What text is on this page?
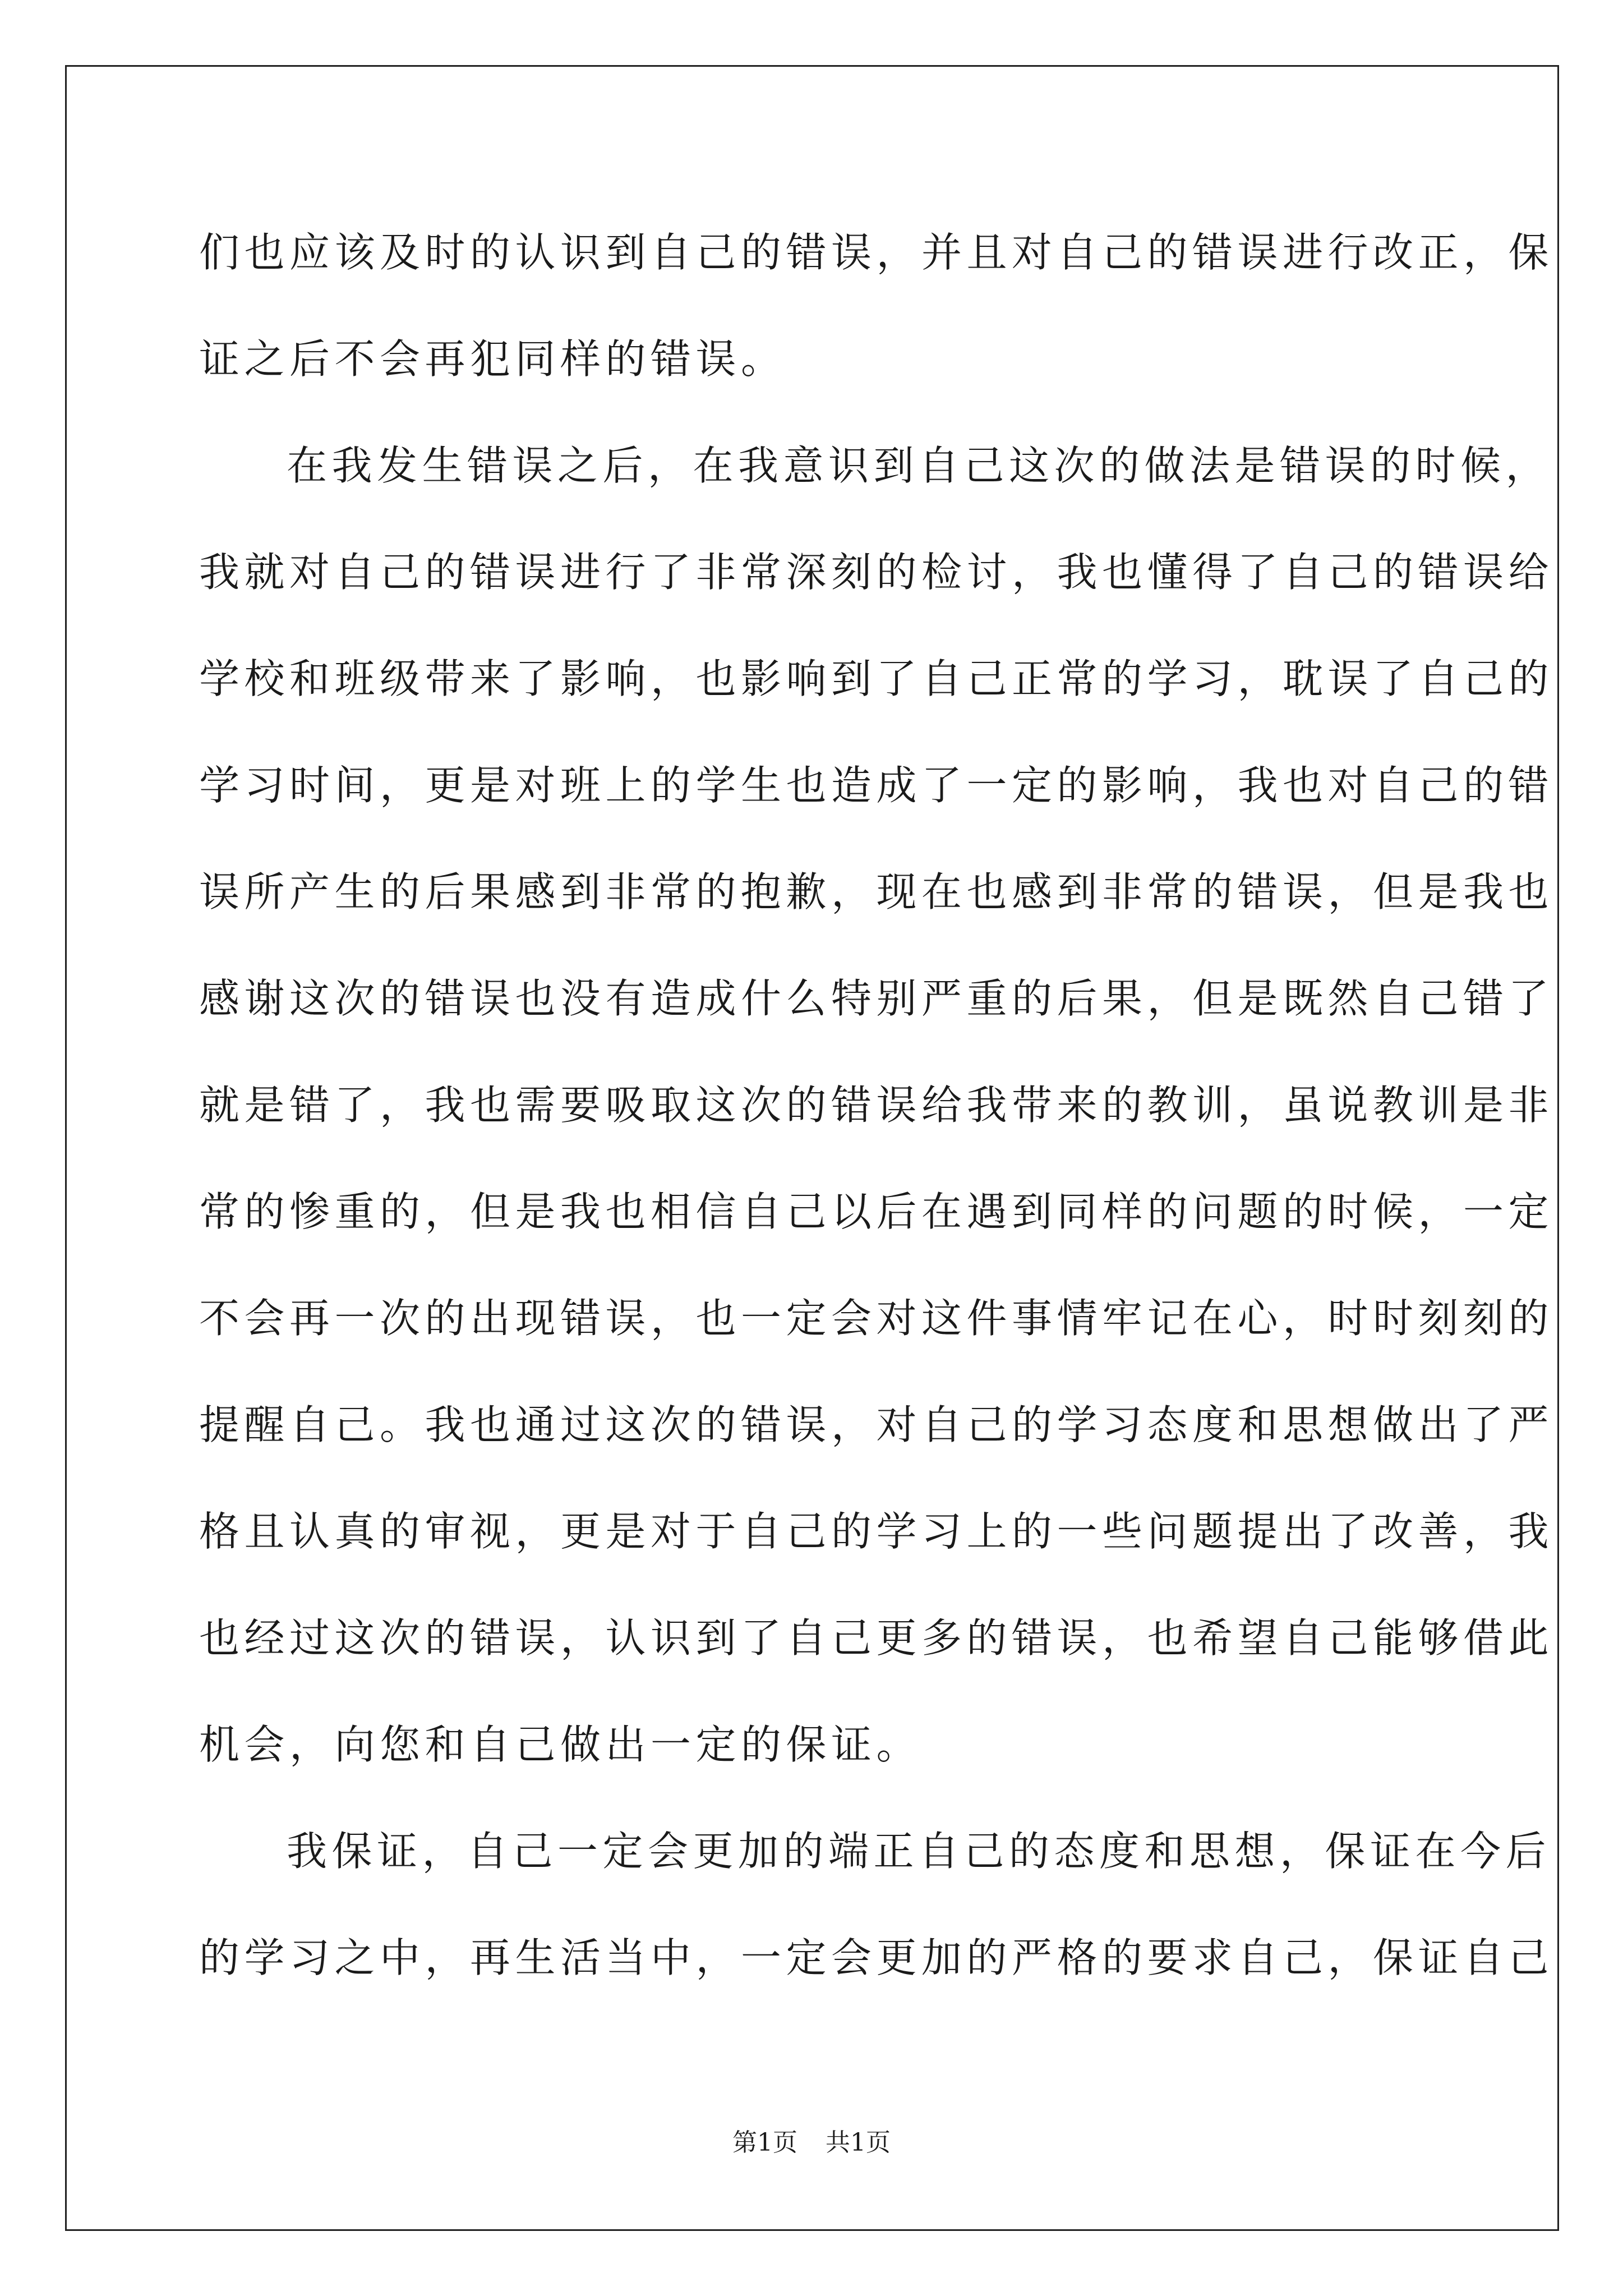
们也应该及时的认识到自己的错误，并且对自己的错误进行改正，保
证之后不会再犯同样的错误。
在我发生错误之后，在我意识到自己这次的做法是错误的时候，
我就对自己的错误进行了非常深刻的检讨，我也懂得了自己的错误给
学校和班级带来了影响，也影响到了自己正常的学习，耽误了自己的
学习时间，更是对班上的学生也造成了一定的影响，我也对自己的错
误所产生的后果感到非常的抱歉，现在也感到非常的错误，但是我也
感谢这次的错误也没有造成什么特别严重的后果，但是既然自己错了
就是错了，我也需要吸取这次的错误给我带来的教训，虽说教训是非
常的惨重的，但是我也相信自己以后在遇到同样的问题的时候，一定
不会再一次的出现错误，也一定会对这件事情牢记在心，时时刻刻的
提醒自己。我也通过这次的错误，对自己的学习态度和思想做出了严
格且认真的审视，更是对于自己的学习上的一些问题提出了改善，我
也经过这次的错误，认识到了自己更多的错误，也希望自己能够借此
机会，向您和自己做出一定的保证。
我保证，自己一定会更加的端正自己的态度和思想，保证在今后
的学习之中，再生活当中，一定会更加的严格的要求自己，保证自己
第1页 共1页
